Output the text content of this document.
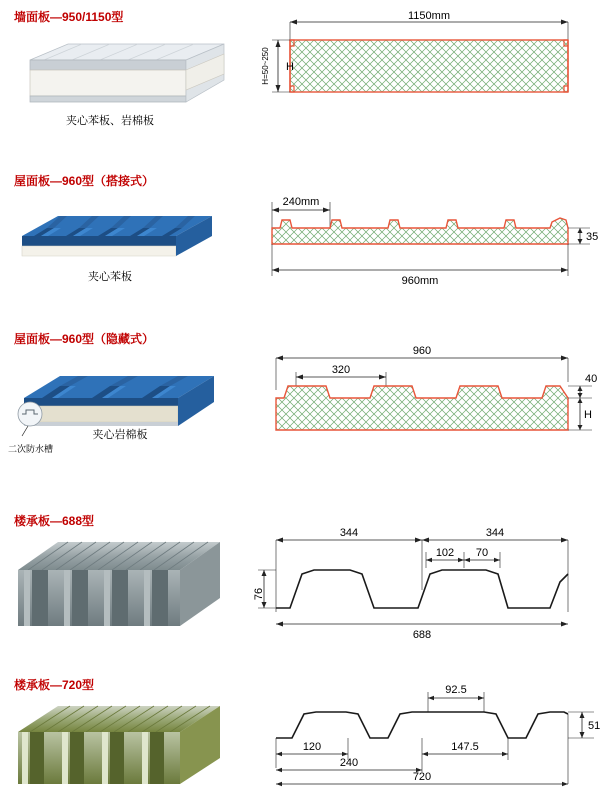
墙面板—950/1150型
夹心苯板、岩棉板
1150mm
H
H=50~250
屋面板—960型（搭接式）
夹心苯板
240mm
35
960mm
屋面板—960型（隐藏式）
夹心岩棉板
二次防水槽
960
320
40
H
楼承板—688型
344	344
102 70
76
688
楼承板—720型	92.5
51
120	147.5
240
720
